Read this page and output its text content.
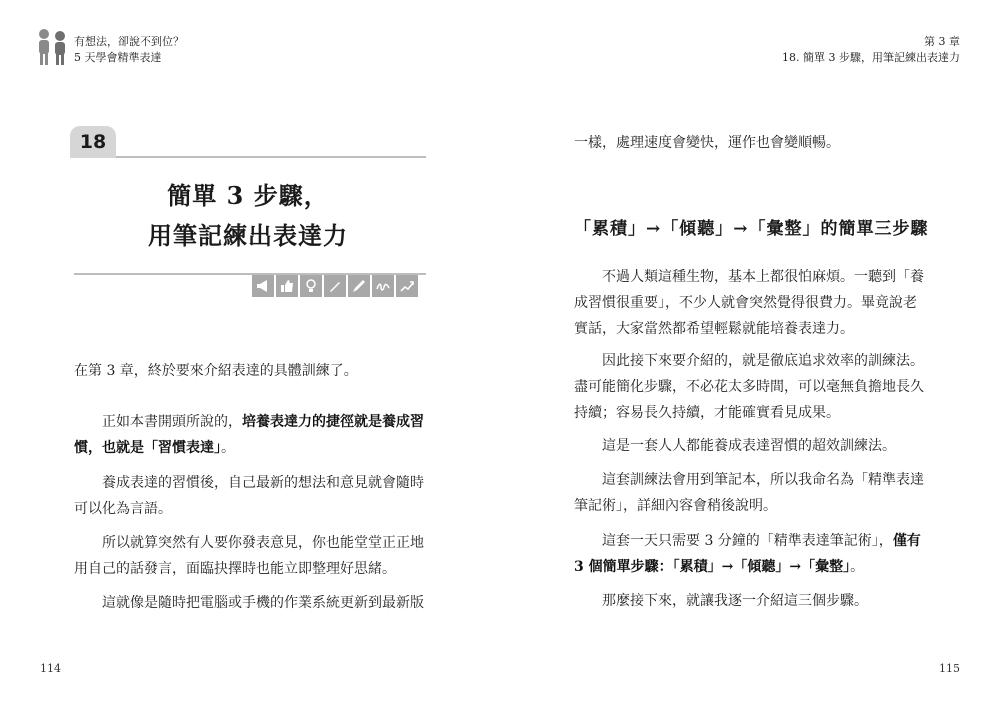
有想法，卻說不到位？
5 天學會精準表達
第 3 章
18. 簡單 3 步驟，用筆記練出表達力
18
簡單 3 步驟，
用筆記練出表達力
在第 3 章，終於要來介紹表達的具體訓練了。
正如本書開頭所說的，培養表達力的捷徑就是養成習慣，也就是「習慣表達」。
養成表達的習慣後，自己最新的想法和意見就會隨時可以化為言語。
所以就算突然有人要你發表意見，你也能堂堂正正地用自己的話發言，面臨抉擇時也能立即整理好思緒。
這就像是隨時把電腦或手機的作業系統更新到最新版
一樣，處理速度會變快，運作也會變順暢。
「累積」→「傾聽」→「彙整」的簡單三步驟
不過人類這種生物，基本上都很怕麻煩。一聽到「養成習慣很重要」，不少人就會突然覺得很費力。畢竟說老實話，大家當然都希望輕鬆就能培養表達力。
因此接下來要介紹的，就是徹底追求效率的訓練法。盡可能簡化步驟，不必花太多時間，可以毫無負擔地長久持續；容易長久持續，才能確實看見成果。
這是一套人人都能養成表達習慣的超效訓練法。
這套訓練法會用到筆記本，所以我命名為「精準表達筆記術」，詳細內容會稍後說明。
這套一天只需要 3 分鐘的「精準表達筆記術」，僅有 3 個簡單步驟：「累積」→「傾聽」→「彙整」。
那麼接下來，就讓我逐一介紹這三個步驟。
114	115
